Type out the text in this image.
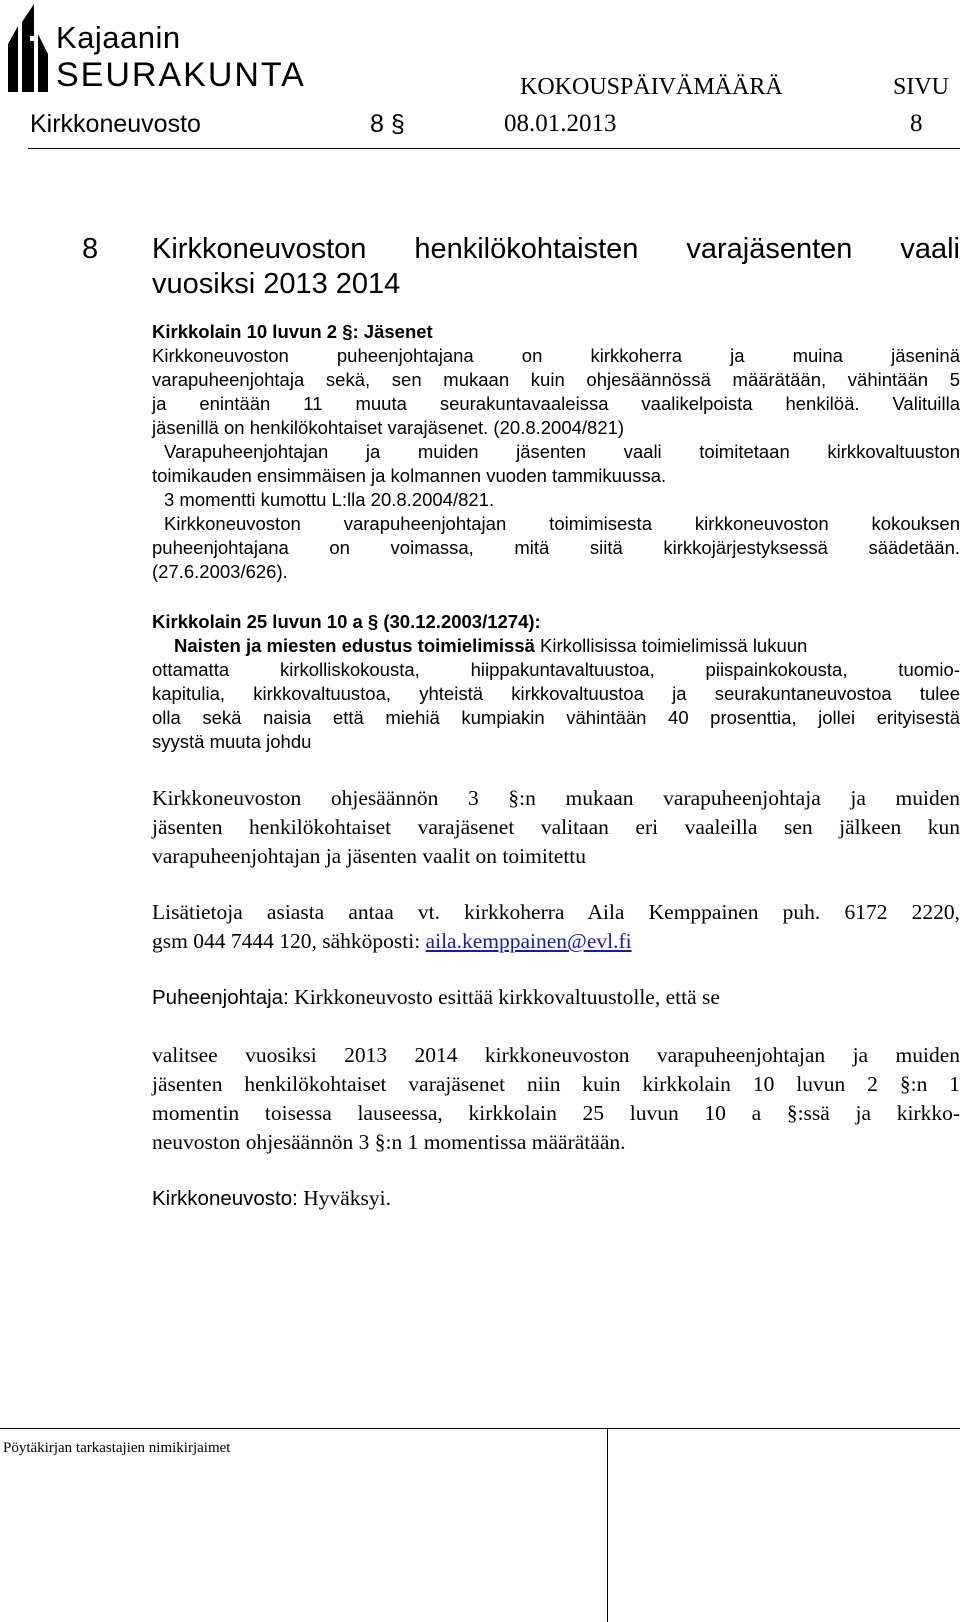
Kajaanin
SEURAKUNTA	KOKOUSPÄIVÄMÄÄRÄ	SIVU
Kirkkoneuvosto	8 §	08.01.2013	8
8 Kirkkoneuvoston henkilökohtaisten varajäsenten vaali
vuosiksi 2013 2014
Kirkkolain 10 luvun 2 §: Jäsenet
Kirkkoneuvoston puheenjohtajana on kirkkoherra ja muina jäseninä
varapuheenjohtaja sekä, sen mukaan kuin ohjesäännössä määrätään, vähintään 5
ja enintään 11 muuta seurakuntavaaleissa vaalikelpoista henkilöä. Valituilla
jäsenillä on henkilökohtaiset varajäsenet. (20.8.2004/821)
Varapuheenjohtajan ja muiden jäsenten vaali toimitetaan kirkkovaltuuston
toimikauden ensimmäisen ja kolmannen vuoden tammikuussa.
3 momentti kumottu L:lla 20.8.2004/821.
Kirkkoneuvoston varapuheenjohtajan toimimisesta kirkkoneuvoston kokouksen
puheenjohtajana on voimassa, mitä siitä kirkkojärjestyksessä säädetään.
(27.6.2003/626).
Kirkkolain 25 luvun 10 a § (30.12.2003/1274):
Naisten ja miesten edustus toimielimissä Kirkollisissa toimielimissä lukuun
ottamatta kirkolliskokousta, hiippakuntavaltuustoa, piispainkokousta, tuomio-
kapitulia, kirkkovaltuustoa, yhteistä kirkkovaltuustoa ja seurakuntaneuvostoa tulee
olla sekä naisia että miehiä kumpiakin vähintään 40 prosenttia, jollei erityisestä
syystä muuta johdu
Kirkkoneuvoston ohjesäännön 3 §:n mukaan varapuheenjohtaja ja muiden
jäsenten henkilökohtaiset varajäsenet valitaan eri vaaleilla sen jälkeen kun
varapuheenjohtajan ja jäsenten vaalit on toimitettu
Lisätietoja asiasta antaa vt. kirkkoherra Aila Kemppainen puh. 6172 2220,
gsm 044 7444 120, sähköposti: aila.kemppainen@evl.fi
Puheenjohtaja: Kirkkoneuvosto esittää kirkkovaltuustolle, että se
valitsee vuosiksi 2013 2014 kirkkoneuvoston varapuheenjohtajan ja muiden
jäsenten henkilökohtaiset varajäsenet niin kuin kirkkolain 10 luvun 2 §:n 1
momentin toisessa lauseessa, kirkkolain 25 luvun 10 a §:ssä ja kirkko-
neuvoston ohjesäännön 3 §:n 1 momentissa määrätään.
Kirkkoneuvosto: Hyväksyi.
Pöytäkirjan tarkastajien nimikirjaimet
